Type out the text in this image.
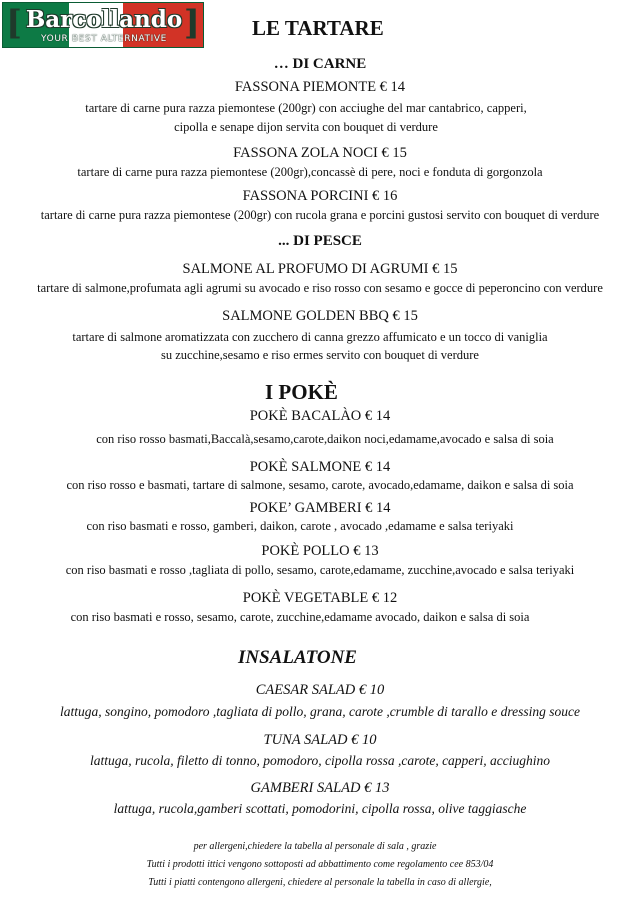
[ Barcollando ]
YOUR BEST ALTERNATIVE	LE TARTARE
… DI CARNE
FASSONA PIEMONTE € 14
tartare di carne pura razza piemontese (200gr) con acciughe del mar cantabrico, capperi,
cipolla e senape dijon servita con bouquet di verdure
FASSONA ZOLA NOCI € 15
tartare di carne pura razza piemontese (200gr),concassè di pere, noci e fonduta di gorgonzola
FASSONA PORCINI € 16
tartare di carne pura razza piemontese (200gr) con rucola grana e porcini gustosi servito con bouquet di verdure
... DI PESCE
SALMONE AL PROFUMO DI AGRUMI € 15
tartare di salmone,profumata agli agrumi su avocado e riso rosso con sesamo e gocce di peperoncino con verdure
SALMONE GOLDEN BBQ € 15
tartare di salmone aromatizzata con zucchero di canna grezzo affumicato e un tocco di vaniglia
su zucchine,sesamo e riso ermes servito con bouquet di verdure
I POKÈ
POKÈ BACALÀO € 14
con riso rosso basmati,Baccalà,sesamo,carote,daikon noci,edamame,avocado e salsa di soia
POKÈ SALMONE € 14
con riso rosso e basmati, tartare di salmone, sesamo, carote, avocado,edamame, daikon e salsa di soia
POKE’ GAMBERI € 14
con riso basmati e rosso, gamberi, daikon, carote , avocado ,edamame e salsa teriyaki
POKÈ POLLO € 13
con riso basmati e rosso ,tagliata di pollo, sesamo, carote,edamame, zucchine,avocado e salsa teriyaki
POKÈ VEGETABLE € 12
con riso basmati e rosso, sesamo, carote, zucchine,edamame avocado, daikon e salsa di soia
INSALATONE
CAESAR SALAD € 10
lattuga, songino, pomodoro ,tagliata di pollo, grana, carote ,crumble di tarallo e dressing souce
TUNA SALAD € 10
lattuga, rucola, filetto di tonno, pomodoro, cipolla rossa ,carote, capperi, acciughino
GAMBERI SALAD € 13
lattuga, rucola,gamberi scottati, pomodorini, cipolla rossa, olive taggiasche
per allergeni,chiedere la tabella al personale di sala , grazie
Tutti i prodotti ittici vengono sottoposti ad abbattimento come regolamento cee 853/04
Tutti i piatti contengono allergeni, chiedere al personale la tabella in caso di allergie,
